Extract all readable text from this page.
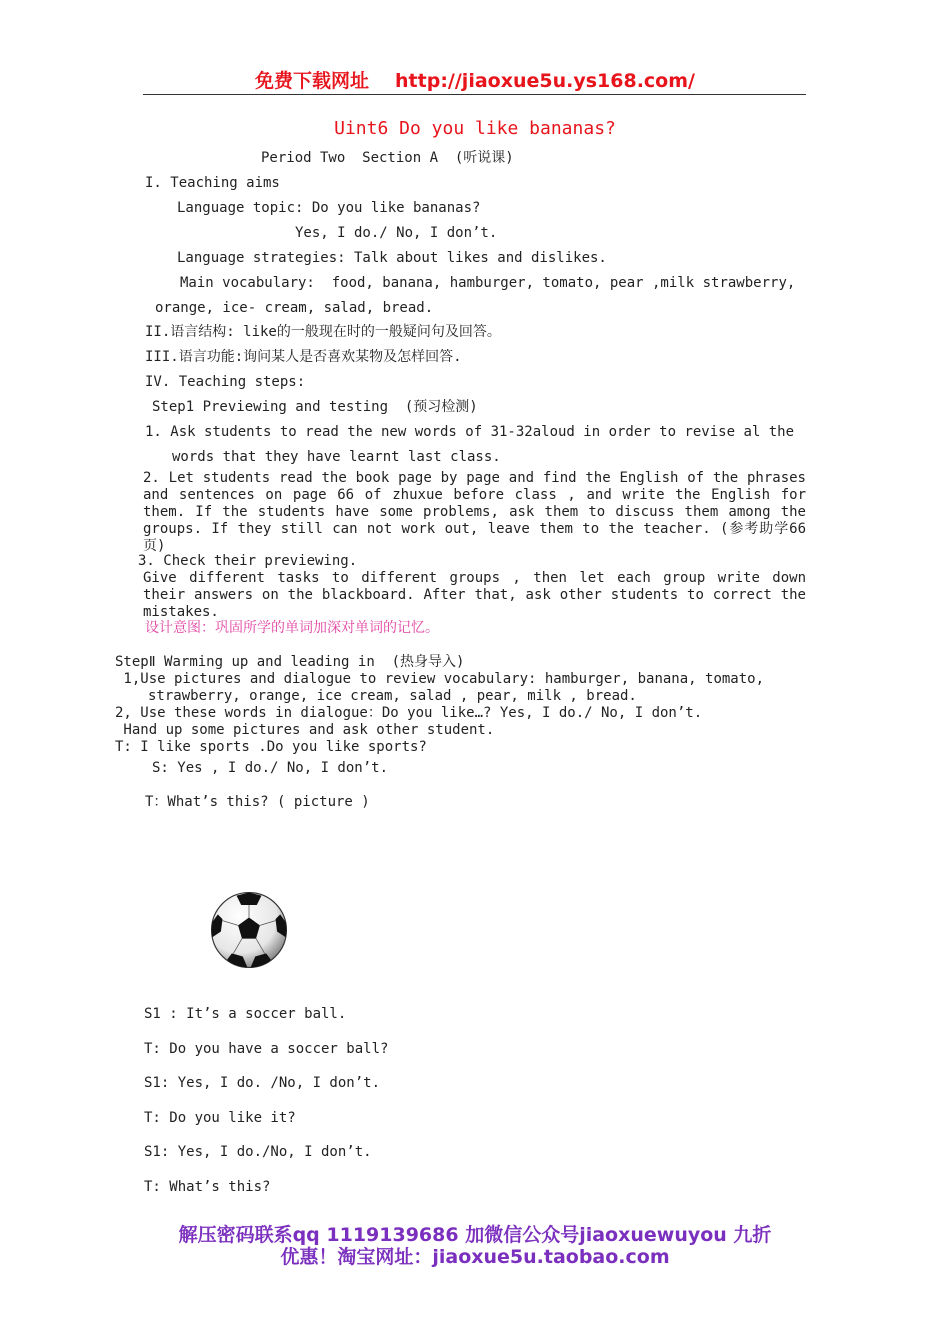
免费下载网址 http://jiaoxue5u.ys168.com/
Uint6 Do you like bananas?
Period Two  Section A  (听说课)
I. Teaching aims
Language topic: Do you like bananas?
Yes, I do./ No, I don’t.
Language strategies: Talk about likes and dislikes.
Main vocabulary:  food, banana, hamburger, tomato, pear ,milk strawberry,
orange, ice- cream, salad, bread.
II.语言结构: like的一般现在时的一般疑问句及回答。
III.语言功能:询问某人是否喜欢某物及怎样回答.
IV. Teaching steps:
Step1 Previewing and testing  (预习检测)
1. Ask students to read the new words of 31-32aloud in order to revise al the
words that they have learnt last class.
2. Let students read the book page by page and find the English of the phrases and sentences on page 66 of zhuxue before class , and write the English for them. If the students have some problems, ask them to discuss them among the groups. If they still can not work out, leave them to the teacher. (参考助学66页)
3. Check their previewing.
Give different tasks to different groups , then let each group write down their answers on the blackboard. After that, ask other students to correct the mistakes.
设计意图：巩固所学的单词加深对单词的记忆。
StepⅡ Warming up and leading in  (热身导入)
1,Use pictures and dialogue to review vocabulary: hamburger, banana, tomato,
strawberry, orange, ice cream, salad , pear, milk , bread.
2, Use these words in dialogue：Do you like…? Yes, I do./ No, I don’t.
Hand up some pictures and ask other student.
T: I like sports .Do you like sports?
S: Yes , I do./ No, I don’t.
T：What’s this? ( picture )
S1 : It’s a soccer ball.
T: Do you have a soccer ball?
S1: Yes, I do. /No, I don’t.
T: Do you like it?
S1: Yes, I do./No, I don’t.
T: What’s this?
解压密码联系qq 1119139686 加微信公众号jiaoxuewuyou 九折
优惠！淘宝网址：jiaoxue5u.taobao.com
